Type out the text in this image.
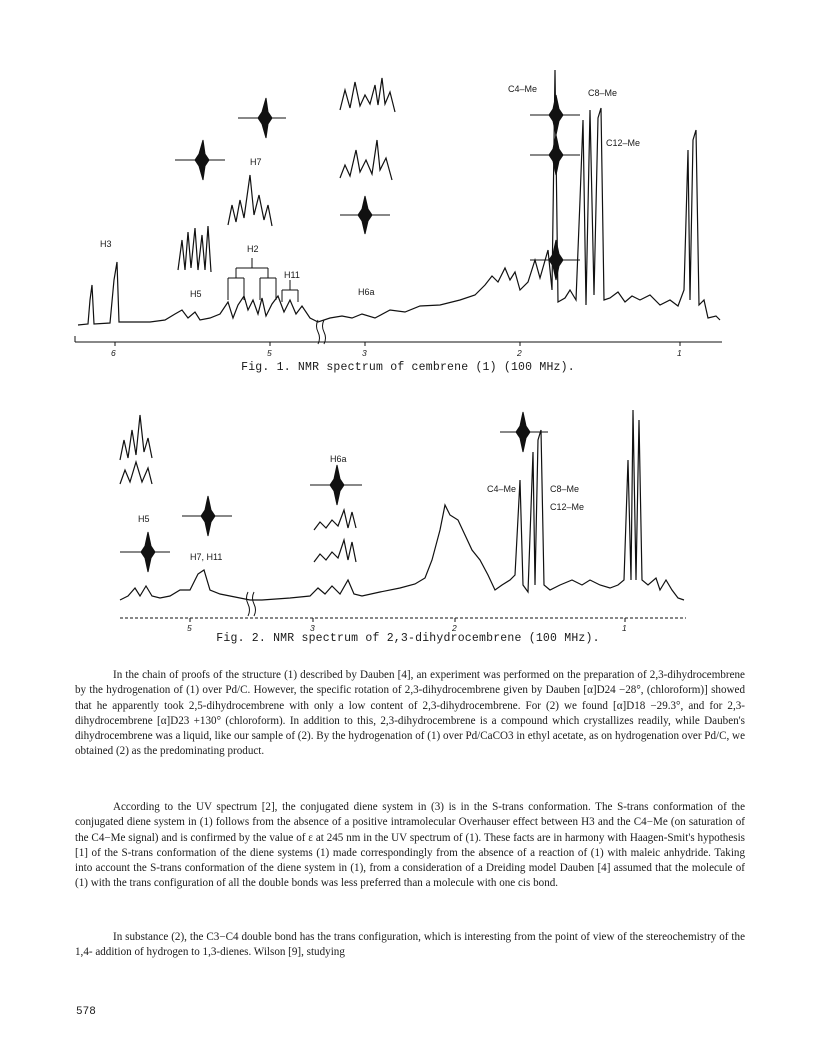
6	5	3	2	1
H3
H5
H7
H2
H11
H6a
C4–Me	C8–Me
C12–Me
Fig. 1. NMR spectrum of cembrene (1) (100 MHz).
5	3	2	1
H5
H7, H11
H6a
C4–Me	C8–Me
C12–Me
Fig. 2. NMR spectrum of 2,3-dihydrocembrene (100 MHz).

In the chain of proofs of the structure (1) described by Dauben [4], an experiment was performed on the preparation of 2,3-dihydrocembrene by the hydrogenation of (1) over Pd/C. However, the specific rotation of 2,3-dihydrocembrene given by Dauben [α]D24 −28°, (chloroform)] showed that he apparently took 2,5-dihydrocembrene with only a low content of 2,3-dihydrocembrene. For (2) we found [α]D18 −29.3°, and for 2,3-dihydrocembrene [α]D23 +130° (chloroform). In addition to this, 2,3-dihydrocembrene is a compound which crystallizes readily, while Dauben's dihydrocembrene was a liquid, like our sample of (2). By the hydrogenation of (1) over Pd/CaCO3 in ethyl acetate, as on hydrogenation over Pd/C, we obtained (2) as the predominating product.

According to the UV spectrum [2], the conjugated diene system in (3) is in the S-trans conformation. The S-trans conformation of the conjugated diene system in (1) follows from the absence of a positive intramolecular Overhauser effect between H3 and the C4−Me (on saturation of the C4−Me signal) and is confirmed by the value of ε at 245 nm in the UV spectrum of (1). These facts are in harmony with Haagen-Smit's hypothesis [1] of the S-trans conformation of the diene systems (1) made correspondingly from the absence of a reaction of (1) with maleic anhydride. Taking into account the S-trans conformation of the diene system in (1), from a consideration of a Dreiding model Dauben [4] assumed that the molecule of (1) with the trans configuration of all the double bonds was less preferred than a molecule with one cis bond.

In substance (2), the C3−C4 double bond has the trans configuration, which is interesting from the point of view of the stereochemistry of the 1,4- addition of hydrogen to 1,3-dienes. Wilson [9], studying

578
